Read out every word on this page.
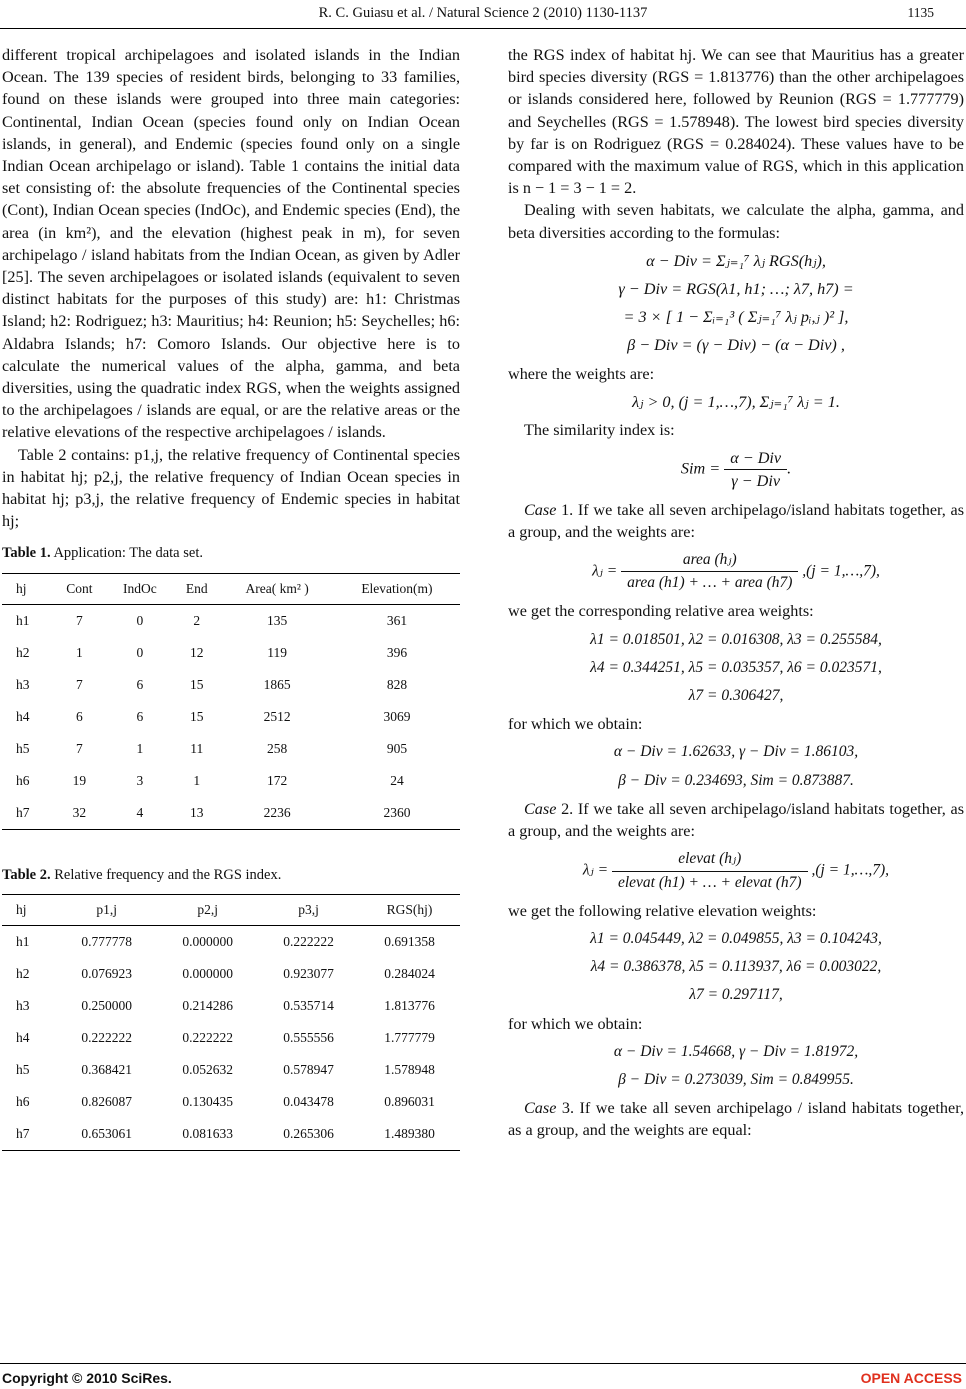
R. C. Guiasu et al. / Natural Science 2 (2010) 1130-1137	1135

different tropical archipelagoes and isolated islands in the Indian Ocean. The 139 species of resident birds, belonging to 33 families, found on these islands were grouped into three main categories: Continental, Indian Ocean (species found only on Indian Ocean islands, in general), and Endemic (species found only on a single Indian Ocean archipelago or island). Table 1 contains the initial data set consisting of: the absolute frequencies of the Continental species (Cont), Indian Ocean species (IndOc), and Endemic species (End), the area (in km²), and the elevation (highest peak in m), for seven archipelago / island habitats from the Indian Ocean, as given by Adler [25]. The seven archipelagoes or isolated islands (equivalent to seven distinct habitats for the purposes of this study) are: h1: Christmas Island; h2: Rodriguez; h3: Mauritius; h4: Reunion; h5: Seychelles; h6: Aldabra Islands; h7: Comoro Islands. Our objective here is to calculate the numerical values of the alpha, gamma, and beta diversities, using the quadratic index RGS, when the weights assigned to the archipelagoes / islands are equal, or are the relative areas or the relative elevations of the respective archipelagoes / islands.

Table 2 contains: p1,j, the relative frequency of Continental species in habitat hj; p2,j, the relative frequency of Indian Ocean species in habitat hj; p3,j, the relative frequency of Endemic species in habitat hj;

Table 1. Application: The data set.

hj	Cont	IndOc	End	Area( km² )	Elevation(m)
h1	7	0	2	135	361
h2	1	0	12	119	396
h3	7	6	15	1865	828
h4	6	6	15	2512	3069
h5	7	1	11	258	905
h6	19	3	1	172	24
h7	32	4	13	2236	2360

Table 2. Relative frequency and the RGS index.

hj	p1,j	p2,j	p3,j	RGS(hj)
h1	0.777778	0.000000	0.222222	0.691358
h2	0.076923	0.000000	0.923077	0.284024
h3	0.250000	0.214286	0.535714	1.813776
h4	0.222222	0.222222	0.555556	1.777779
h5	0.368421	0.052632	0.578947	1.578948
h6	0.826087	0.130435	0.043478	0.896031
h7	0.653061	0.081633	0.265306	1.489380

the RGS index of habitat hj. We can see that Mauritius has a greater bird species diversity (RGS = 1.813776) than the other archipelagoes or islands considered here, followed by Reunion (RGS = 1.777779) and Seychelles (RGS = 1.578948). The lowest bird species diversity by far is on Rodriguez (RGS = 0.284024). These values have to be compared with the maximum value of RGS, which in this application is n − 1 = 3 − 1 = 2.

Dealing with seven habitats, we calculate the alpha, gamma, and beta diversities according to the formulas:

α − Div = Σⱼ₌₁⁷ λⱼ RGS(hⱼ),
γ − Div = RGS(λ1, h1; …; λ7, h7) =
= 3 × [ 1 − Σᵢ₌₁³ ( Σⱼ₌₁⁷ λⱼ pᵢ,ⱼ )² ],
β − Div = (γ − Div) − (α − Div) ,

where the weights are:

λⱼ > 0, (j = 1,…,7), Σⱼ₌₁⁷ λⱼ = 1.

The similarity index is:

Sim = $\frac{\text{α − Div}}{\text{γ − Div}}$ .

Case 1. If we take all seven archipelago/island habitats together, as a group, and the weights are:

λⱼ = $\frac{\text{area (hⱼ)}}{\text{area (h1) + … + area (h7)}} ,(j$ = 1,…,7),

we get the corresponding relative area weights:

λ1 = 0.018501, λ2 = 0.016308, λ3 = 0.255584,
λ4 = 0.344251, λ5 = 0.035357, λ6 = 0.023571,
λ7 = 0.306427,

for which we obtain:

α − Div = 1.62633, γ − Div = 1.86103,
β − Div = 0.234693, Sim = 0.873887.

Case 2. If we take all seven archipelago/island habitats together, as a group, and the weights are:

λⱼ = $\frac{\text{elevat (hⱼ)}}{\text{elevat (h1) + … + elevat (h7)}} ,(j$ = 1,…,7),

we get the following relative elevation weights:

λ1 = 0.045449, λ2 = 0.049855, λ3 = 0.104243,
λ4 = 0.386378, λ5 = 0.113937, λ6 = 0.003022,
λ7 = 0.297117,

for which we obtain:

α − Div = 1.54668, γ − Div = 1.81972,
β − Div = 0.273039, Sim = 0.849955.

Case 3. If we take all seven archipelago / island habitats together, as a group, and the weights are equal:

Copyright © 2010 SciRes.	OPEN ACCESS
